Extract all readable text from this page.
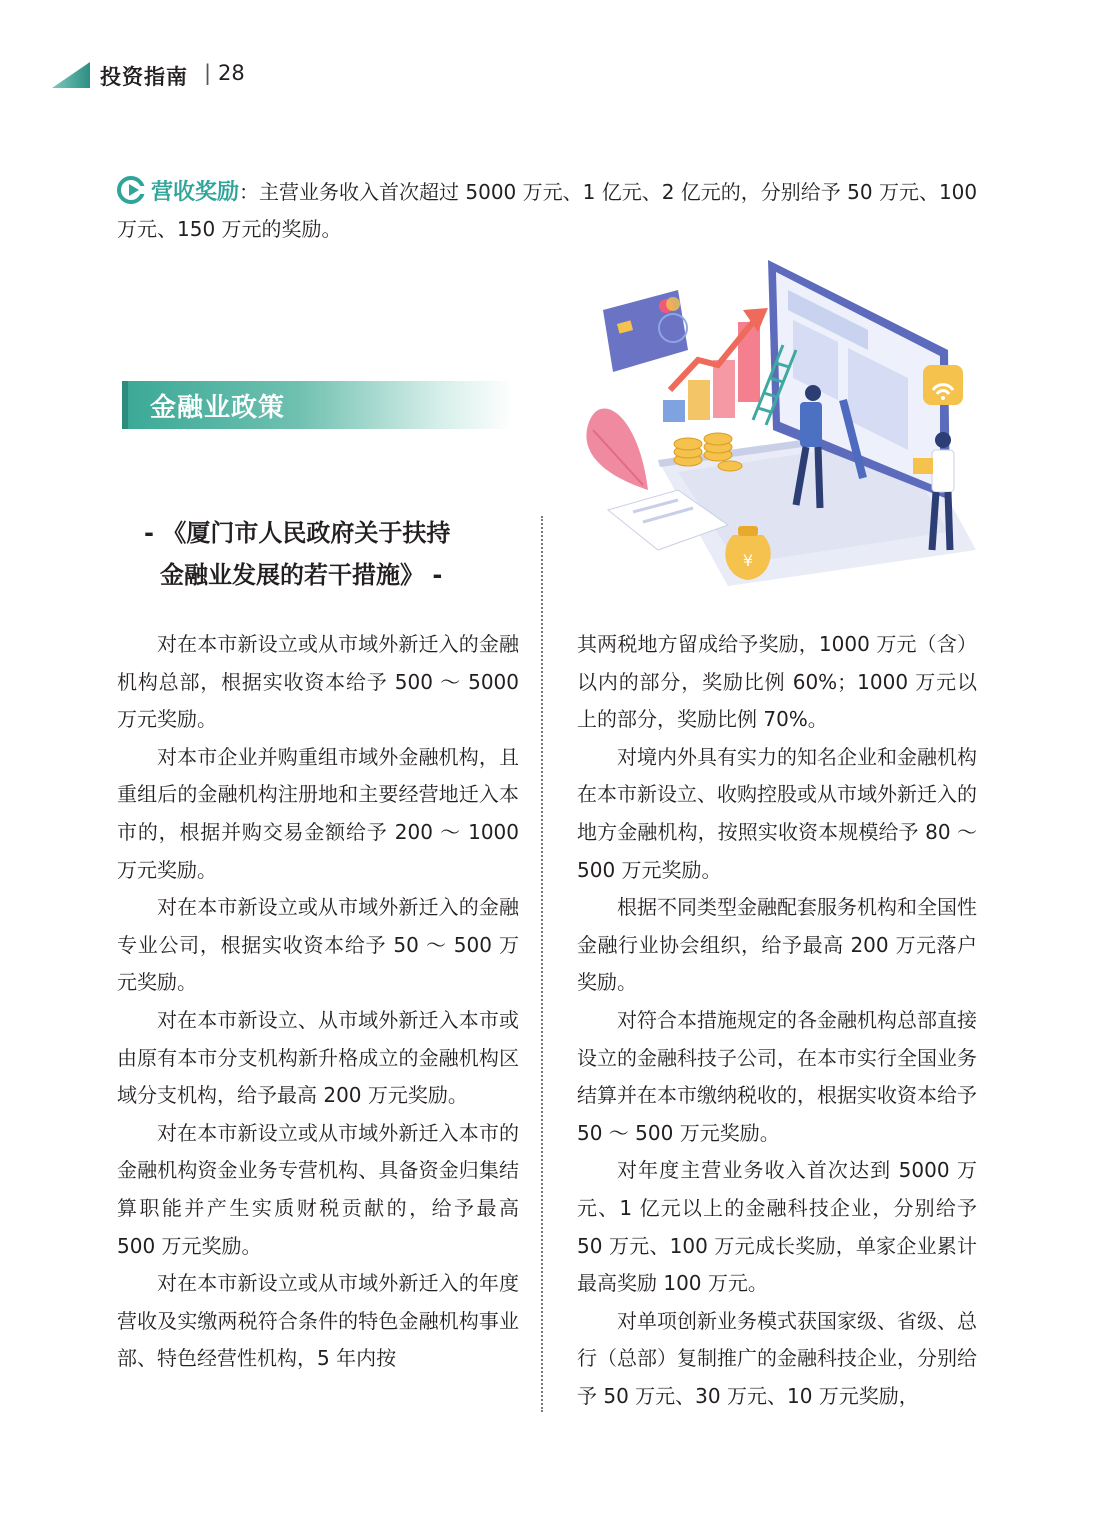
投资指南 | 28
营收奖励：主营业务收入首次超过 5000 万元、1 亿元、2 亿元的，分别给予 50 万元、100 万元、150 万元的奖励。
金融业政策
- 《厦门市人民政府关于扶持
金融业发展的若干措施》 -

对在本市新设立或从市域外新迁入的金融机构总部，根据实收资本给予 500 ～ 5000 万元奖励。

对本市企业并购重组市域外金融机构，且重组后的金融机构注册地和主要经营地迁入本市的，根据并购交易金额给予 200 ～ 1000 万元奖励。

对在本市新设立或从市域外新迁入的金融专业公司，根据实收资本给予 50 ～ 500 万元奖励。

对在本市新设立、从市域外新迁入本市或由原有本市分支机构新升格成立的金融机构区域分支机构，给予最高 200 万元奖励。

对在本市新设立或从市域外新迁入本市的金融机构资金业务专营机构、具备资金归集结算职能并产生实质财税贡献的，给予最高 500 万元奖励。

对在本市新设立或从市域外新迁入的年度营收及实缴两税符合条件的特色金融机构事业部、特色经营性机构，5 年内按

其两税地方留成给予奖励，1000 万元（含）以内的部分，奖励比例 60%；1000 万元以上的部分，奖励比例 70%。

对境内外具有实力的知名企业和金融机构在本市新设立、收购控股或从市域外新迁入的地方金融机构，按照实收资本规模给予 80 ～ 500 万元奖励。

根据不同类型金融配套服务机构和全国性金融行业协会组织，给予最高 200 万元落户奖励。

对符合本措施规定的各金融机构总部直接设立的金融科技子公司，在本市实行全国业务结算并在本市缴纳税收的，根据实收资本给予 50 ～ 500 万元奖励。

对年度主营业务收入首次达到 5000 万元、1 亿元以上的金融科技企业，分别给予 50 万元、100 万元成长奖励，单家企业累计最高奖励 100 万元。

对单项创新业务模式获国家级、省级、总行（总部）复制推广的金融科技企业，分别给予 50 万元、30 万元、10 万元奖励，

¥
